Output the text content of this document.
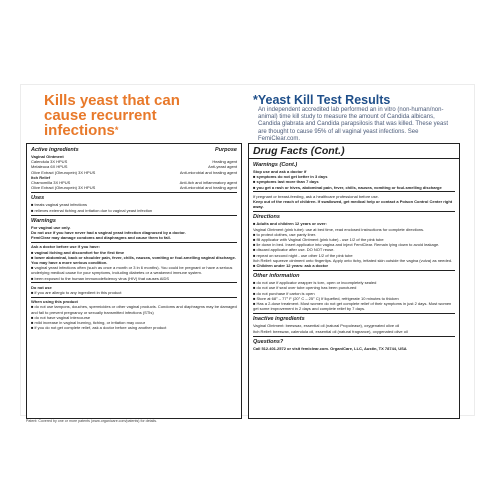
Kills yeast that can cause recurrent infections*
*Yeast Kill Test Results
An independent accredited lab performed an in vitro (non-human/non-animal) time kill study to measure the amount of Candida albicans, Candida glabrata and Candida parapsilosis that was killed. These yeast are thought to cause 95% of all vaginal yeast infections. See FemiClear.com.
Active ingredients	Purpose
Vaginal Ointment
Calendula 3X HPUS	Healing agent
Melaleuca 6X HPUS	Anti-yeast agent
Olive Extract (Oleuropein) 3X HPUS	Anti-microbial and healing agent
Itch Relief
Chamomilla 3X HPUS	Anti-itch and inflammatory agent
Olive Extract (Oleuropein) 3X HPUS	Anti-microbial and healing agent
Uses
■ treats vaginal yeast infections
■ relieves external itching and irritation due to vaginal yeast infection
Warnings
For vaginal use only.
Do not use if you have never had a vaginal yeast infection diagnosed by a doctor.
FemiClear may damage condoms and diaphragms and cause them to fail.
Ask a doctor before use if you have:
■ vaginal itching and discomfort for the first time
■ lower abdominal, back or shoulder pain, fever, chills, nausea, vomiting or foul-smelling vaginal discharge. You may have a more serious condition.
■ vaginal yeast infections often (such as once a month or 3 in 6 months). You could be pregnant or have a serious underlying medical cause for your symptoms, including diabetes or a weakened immune system.
■ been exposed to the human immunodeficiency virus (HIV) that causes AIDS
Do not use
■ if you are allergic to any ingredient in this product
When using this product
■ do not use tampons, douches, spermicides or other vaginal products. Condoms and diaphragms may be damaged and fail to prevent pregnancy or sexually transmitted infections (STIs)
■ do not have vaginal intercourse
■ mild increase in vaginal burning, itching, or irritation may occur
■ if you do not get complete relief, ask a doctor before using another product
Drug Facts (Cont.)
Warnings (Cont.)
Stop use and ask a doctor if
■ symptoms do not get better in 3 days
■ symptoms last more than 7 days
■ you get a rash or hives, abdominal pain, fever, chills, nausea, vomiting or foul-smelling discharge
If pregnant or breast-feeding, ask a healthcare professional before use.
Keep out of the reach of children. If swallowed, get medical help or contact a Poison Control Center right away.
Directions
■ Adults and children 12 years or over:
Vaginal Ointment (pink tube): use at bed time, read enclosed instructions for complete directions.
■ to protect clothes, use panty liner.
■ fill applicator with Vaginal Ointment (pink tube) - use 1/2 of the pink tube
■ lie down in bed. Insert applicator into vagina and inject FemiClear. Remain lying down to avoid leakage.
■ discard applicator after use. DO NOT reuse.
■ repeat on second night - use other 1/2 of the pink tube
Itch Relief: squeeze ointment onto fingertips. Apply onto itchy, irritated skin outside the vagina (vulva) as needed.
■ Children under 12 years: ask a doctor
Other information
■ do not use if applicator wrapper is torn, open or incompletely sealed
■ do not use if seal over tube opening has been punctured
■ do not purchase if carton is open
■ Store at 68° – 77° F (20° C – 25° C) If liquefied, refrigerate 10 minutes to thicken
■ Has a 2-dose treatment. Most women do not get complete relief of their symptoms in just 2 days. Most women get some improvement in 2 days and complete relief by 7 days.
Inactive ingredients
Vaginal Ointment: beeswax, essential oil (natural Propolease), oxygenated olive oil
Itch Relief: beeswax, calendula oil, essential oil (natural fragrance), oxygenated olive oil
Questions?
Call 512.401.2572 or visit femiclear.com. OrganiCare, LLC, Austin, TX 78744, USA
Patent: Covered by one or more patents (www.organicare.com/patents) for details.
